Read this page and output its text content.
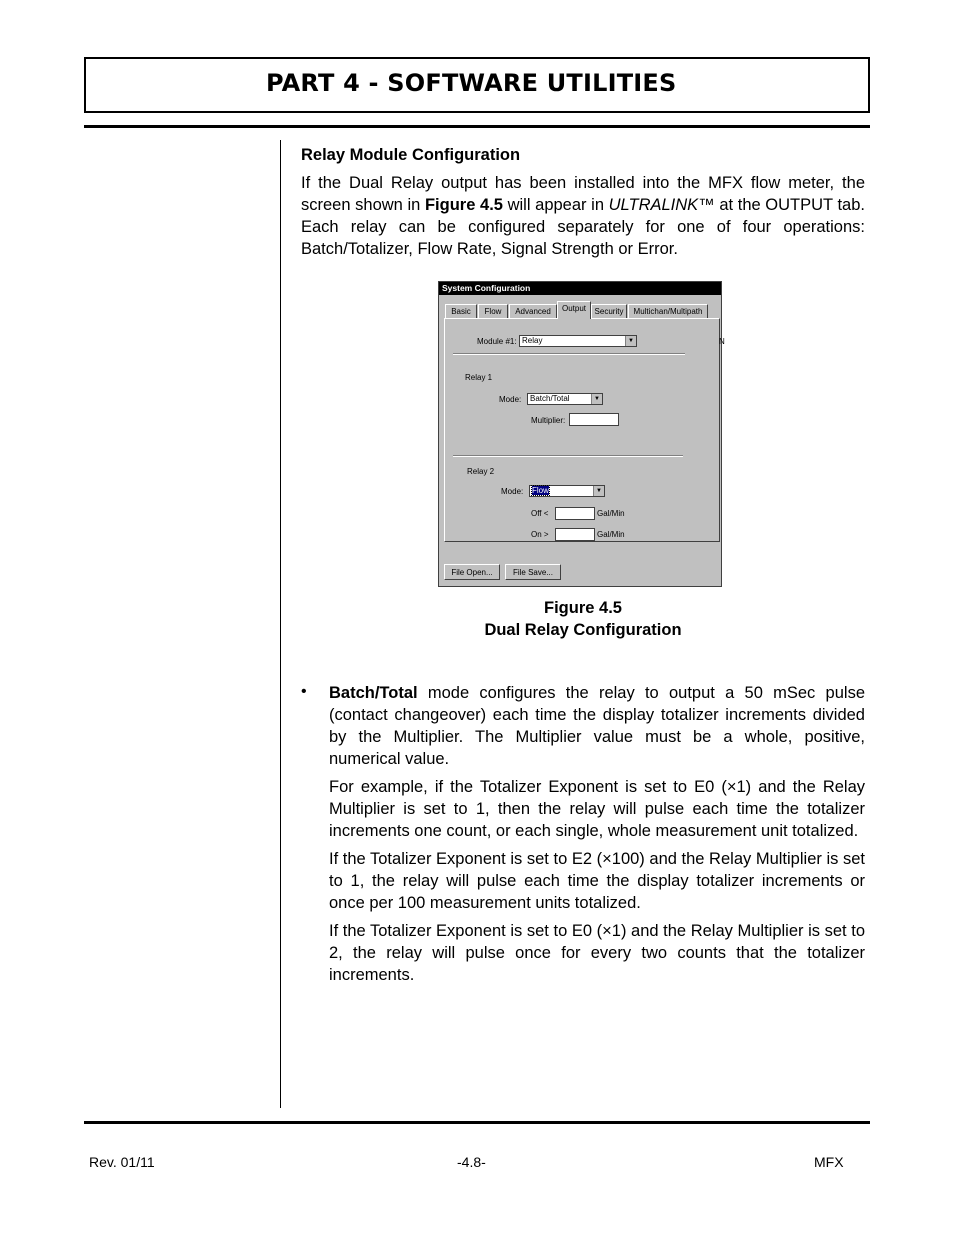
PART 4 - SOFTWARE UTILITIES
Relay Module Configuration
If the Dual Relay output has been installed into the MFX flow meter, the screen shown in Figure 4.5 will appear in ULTRALINK™ at the OUTPUT tab. Each relay can be configured separately for one of four operations: Batch/Totalizer, Flow Rate, Signal Strength or Error.
System Configuration
Basic	Flow	Advanced	Output	Security	Multichan/Multipath
Module #1: Relay	▼	N
Relay 1
Mode:	Batch/Total	▼
Multiplier:
Relay 2
Mode:	Flow	▼
Off <	Gal/Min
On >	Gal/Min
File Open...	File Save...
Figure 4.5
Dual Relay Configuration
• Batch/Total mode configures the relay to output a 50 mSec pulse (contact changeover) each time the display totalizer increments divided by the Multiplier. The Multiplier value must be a whole, positive, numerical value.

For example, if the Totalizer Exponent is set to E0 (×1) and the Relay Multiplier is set to 1, then the relay will pulse each time the totalizer increments one count, or each single, whole measurement unit totalized.

If the Totalizer Exponent is set to E2 (×100) and the Relay Multiplier is set to 1, the relay will pulse each time the display totalizer increments or once per 100 measurement units totalized.

If the Totalizer Exponent is set to E0 (×1) and the Relay Multiplier is set to 2, the relay will pulse once for every two counts that the totalizer increments.

Rev. 01/11	-4.8-	MFX
